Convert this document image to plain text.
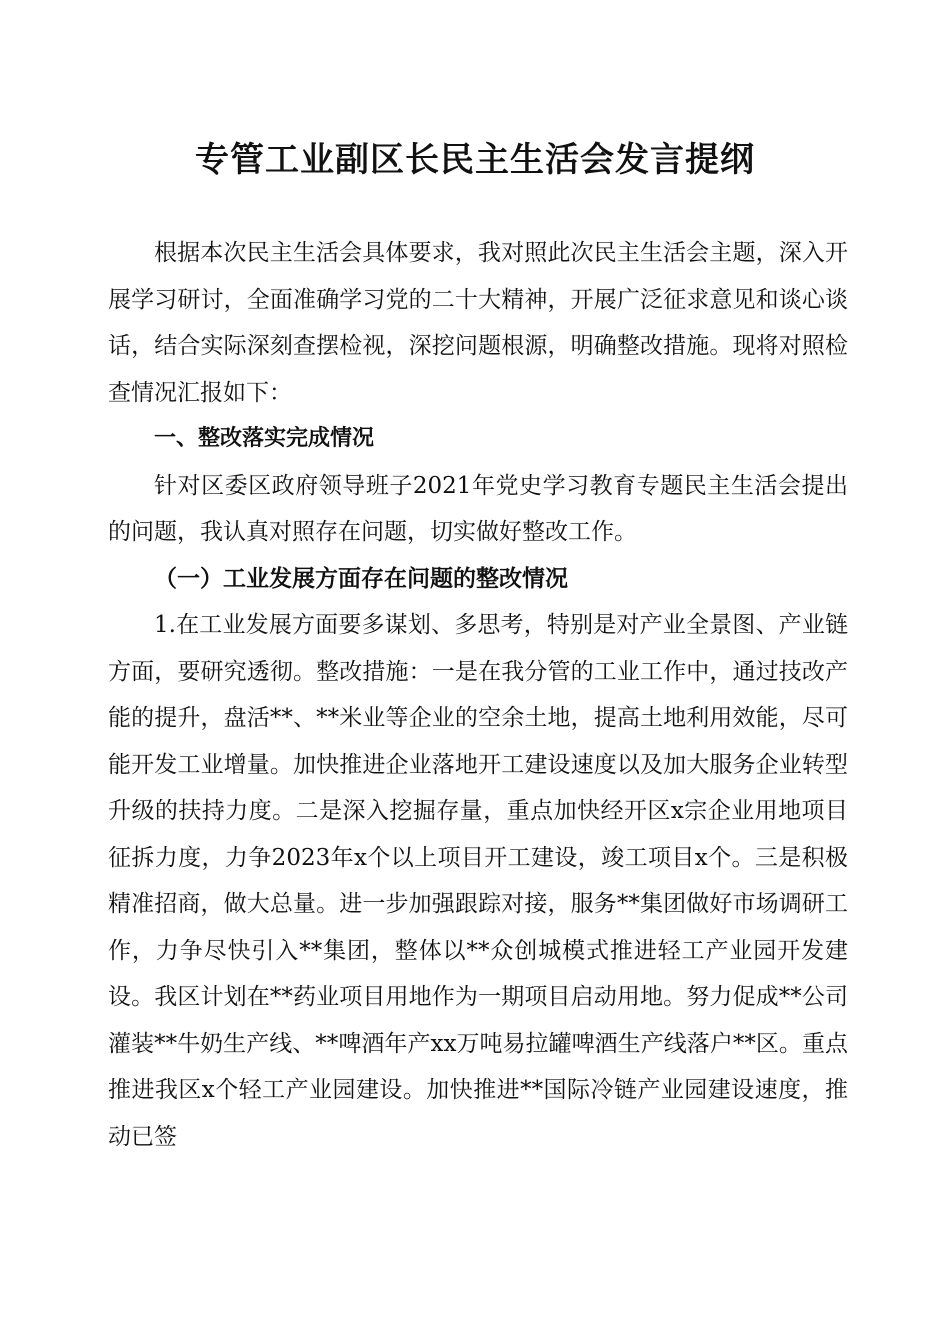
专管工业副区长民主生活会发言提纲

根据本次民主生活会具体要求，我对照此次民主生活会主题，深入开展学习研讨，全面准确学习党的二十大精神，开展广泛征求意见和谈心谈话，结合实际深刻查摆检视，深挖问题根源，明确整改措施。现将对照检查情况汇报如下：

一、整改落实完成情况

针对区委区政府领导班子2021年党史学习教育专题民主生活会提出的问题，我认真对照存在问题，切实做好整改工作。

（一）工业发展方面存在问题的整改情况

1.在工业发展方面要多谋划、多思考，特别是对产业全景图、产业链方面，要研究透彻。整改措施：一是在我分管的工业工作中，通过技改产能的提升，盘活**、**米业等企业的空余土地，提高土地利用效能，尽可能开发工业增量。加快推进企业落地开工建设速度以及加大服务企业转型升级的扶持力度。二是深入挖掘存量，重点加快经开区x宗企业用地项目征拆力度，力争2023年x个以上项目开工建设，竣工项目x个。三是积极精准招商，做大总量。进一步加强跟踪对接，服务**集团做好市场调研工作，力争尽快引入**集团，整体以**众创城模式推进轻工产业园开发建设。我区计划在**药业项目用地作为一期项目启动用地。努力促成**公司灌装**牛奶生产线、**啤酒年产xx万吨易拉罐啤酒生产线落户**区。重点推进我区x个轻工产业园建设。加快推进**国际冷链产业园建设速度，推动已签
